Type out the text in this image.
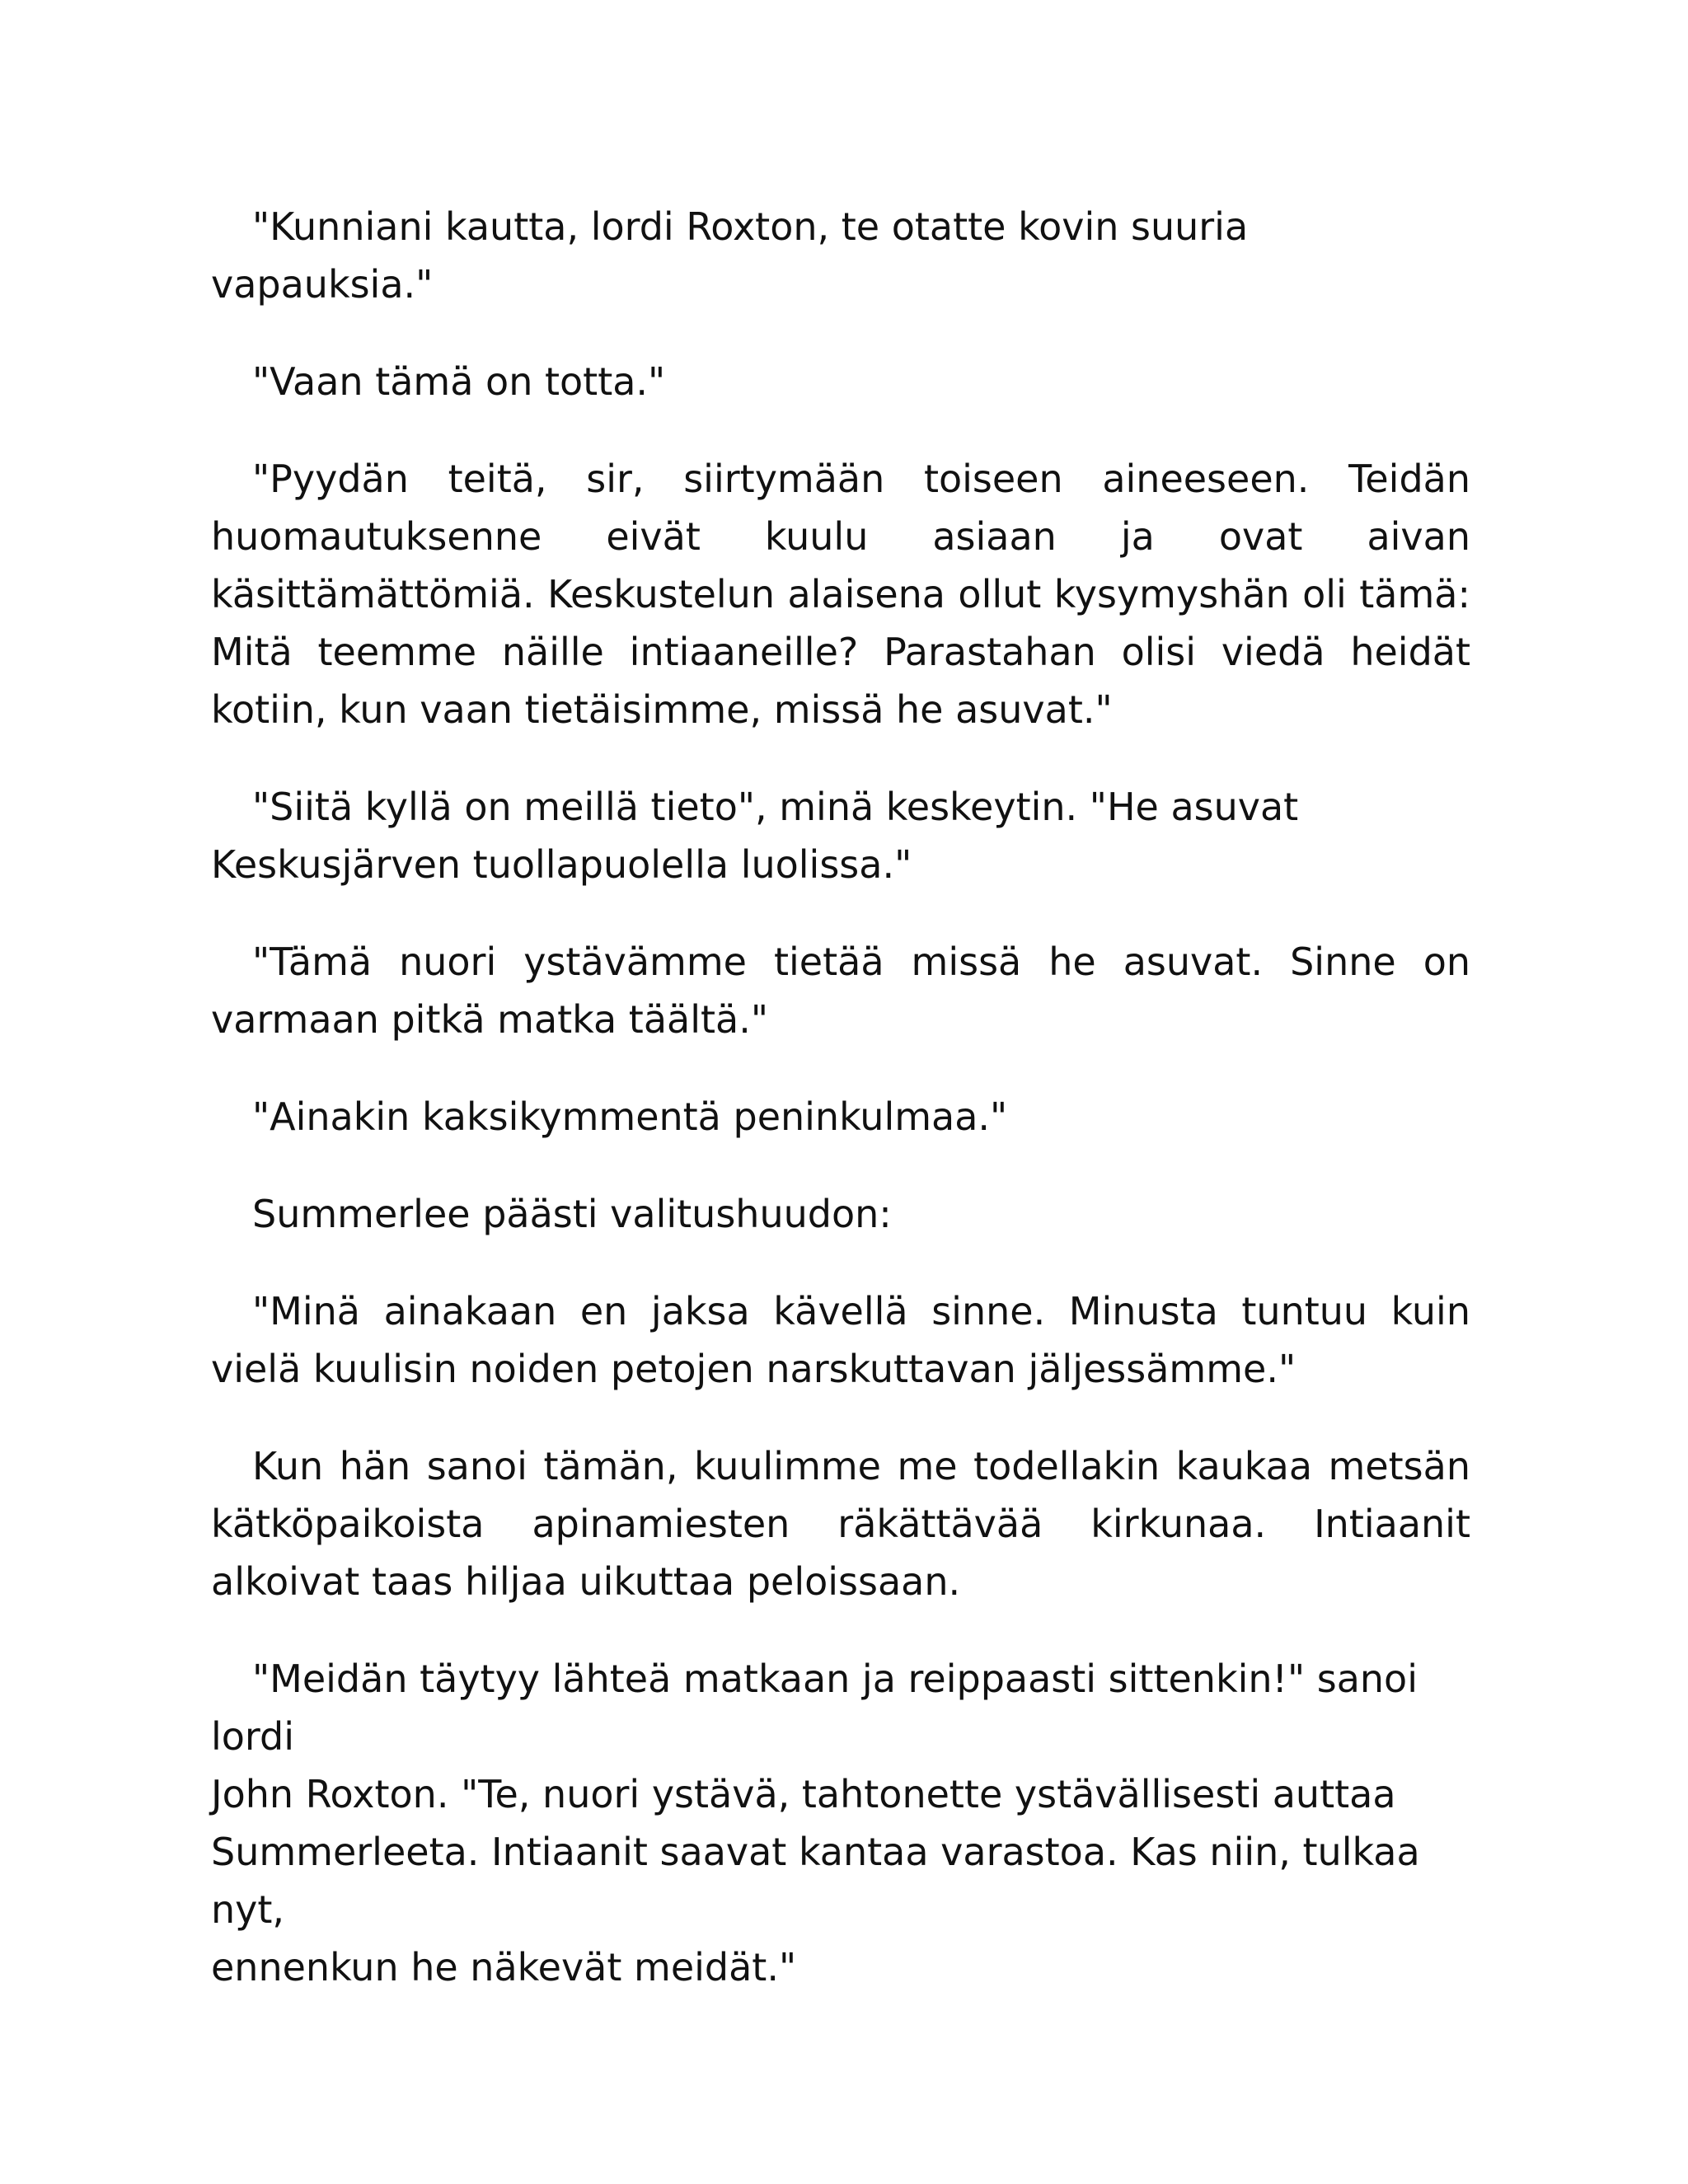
"Kunniani kautta, lordi Roxton, te otatte kovin suuria vapauksia."

"Vaan tämä on totta."

"Pyydän teitä, sir, siirtymään toiseen aineeseen. Teidän huomautuksenne eivät kuulu asiaan ja ovat aivan käsittämättömiä. Keskustelun alaisena ollut kysymyshän oli tämä: Mitä teemme näille intiaaneille? Parastahan olisi viedä heidät kotiin, kun vaan tietäisimme, missä he asuvat."

"Siitä kyllä on meillä tieto", minä keskeytin. "He asuvat
Keskusjärven tuollapuolella luolissa."

"Tämä nuori ystävämme tietää missä he asuvat. Sinne on varmaan pitkä matka täältä."

"Ainakin kaksikymmentä peninkulmaa."

Summerlee päästi valitushuudon:

"Minä ainakaan en jaksa kävellä sinne. Minusta tuntuu kuin vielä kuulisin noiden petojen narskuttavan jäljessämme."

Kun hän sanoi tämän, kuulimme me todellakin kaukaa metsän kätköpaikoista apinamiesten räkättävää kirkunaa. Intiaanit alkoivat taas hiljaa uikuttaa peloissaan.

"Meidän täytyy lähteä matkaan ja reippaasti sittenkin!" sanoi lordi
John Roxton. "Te, nuori ystävä, tahtonette ystävällisesti auttaa
Summerleeta. Intiaanit saavat kantaa varastoa. Kas niin, tulkaa nyt,
ennenkun he näkevät meidät."
